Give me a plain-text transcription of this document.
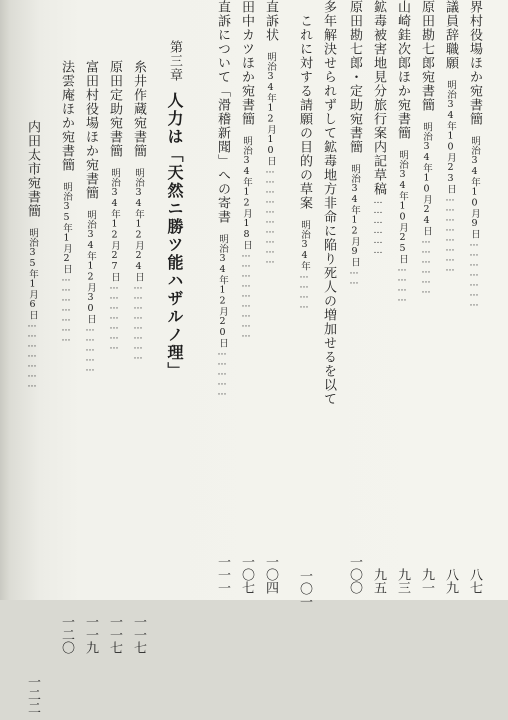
界村役場ほか宛書簡明治34年10月9日…………………
八七
議員辞職願明治34年10月23日……………………
八九
原田勘七郎宛書簡明治34年10月24日………………
九一
山崎銈次郎ほか宛書簡明治34年10月25日…………
九三
鉱毒被害地見分旅行案内記草稿………………
九五
原田勘七郎・定助宛書簡明治34年12月9日……
一〇〇
多年解決せられずして鉱毒地方非命に陥り死人の増加せるを以て
これに対する請願の目的の草案明治34年…………
一〇一
直訴状明治34年12月10日…………………………
一〇四
田中カツほか宛書簡明治34年12月18日………………………
一〇七
直訴について「滑稽新聞」への寄書明治34年12月20日……………
一一一
第三章人力は「天然ニ勝ツ能ハザルノ理」
糸井作蔵宛書簡明治34年12月24日……………………
一一七
原田定助宛書簡明治34年12月27日…………………
一一七
富田村役場ほか宛書簡明治34年12月30日……………
一一九
法雲庵ほか宛書簡明治35年1月2日…………………
一二〇
内田太市宛書簡明治35年1月6日…………………
一二二
